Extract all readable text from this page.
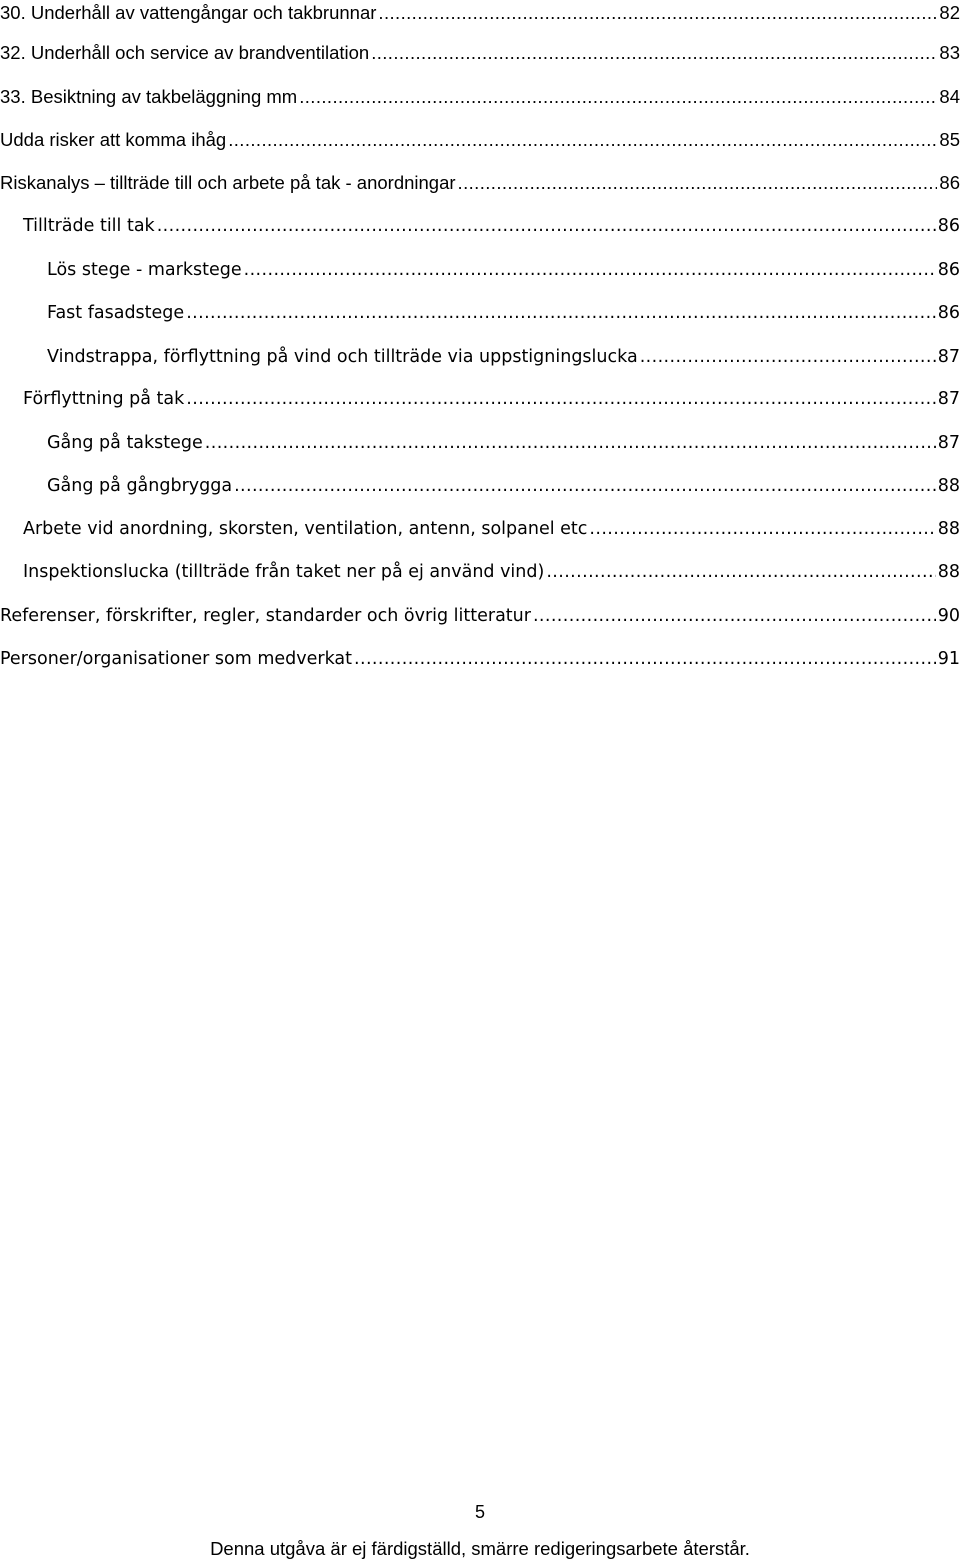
30. Underhåll av vattengångar och takbrunnar .....	82
32. Underhåll och service av brandventilation .....	83
33. Besiktning av takbeläggning mm .....	84
Udda risker att komma ihåg .....	85
Riskanalys – tillträde till och arbete på tak - anordningar .....	86
Tillträde till tak .....	86
Lös stege - markstege .....	86
Fast fasadstege .....	86
Vindstrappa, förflyttning på vind och tillträde via uppstigningslucka .....	87
Förflyttning på tak .....	87
Gång på takstege .....	87
Gång på gångbrygga .....	88
Arbete vid anordning, skorsten, ventilation, antenn, solpanel etc .....	88
Inspektionslucka (tillträde från taket ner på ej använd vind) .....	88
Referenser, förskrifter, regler, standarder och övrig litteratur .....	90
Personer/organisationer som medverkat .....	91
5
Denna utgåva är ej färdigställd, smärre redigeringsarbete återstår.
